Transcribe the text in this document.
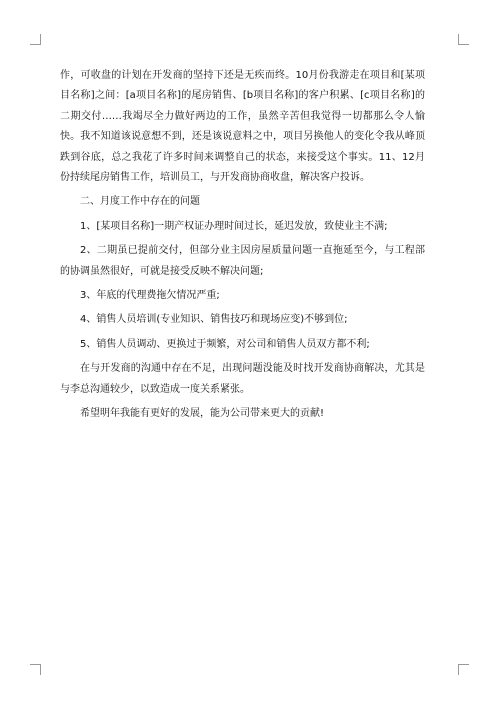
作，可收盘的计划在开发商的坚持下还是无疾而终。10月份我游走在项目和[某项目名称]之间：[a项目名称]的尾房销售、[b项目名称]的客户积累、[c项目名称]的二期交付……我竭尽全力做好两边的工作，虽然辛苦但我觉得一切都那么令人愉快。我不知道该说意想不到，还是该说意料之中，项目另换他人的变化令我从峰顶跌到谷底，总之我花了许多时间来调整自己的状态，来接受这个事实。11、12月份持续尾房销售工作，培训员工，与开发商协商收盘，解决客户投诉。

二、月度工作中存在的问题

1、[某项目名称]一期产权证办理时间过长，延迟发放，致使业主不满;

2、二期虽已提前交付，但部分业主因房屋质量问题一直拖延至今，与工程部的协调虽然很好，可就是接受反映不解决问题;

3、年底的代理费拖欠情况严重;

4、销售人员培训(专业知识、销售技巧和现场应变)不够到位;

5、销售人员调动、更换过于频繁，对公司和销售人员双方都不利;

在与开发商的沟通中存在不足，出现问题没能及时找开发商协商解决，尤其是与李总沟通较少，以致造成一度关系紧张。

希望明年我能有更好的发展，能为公司带来更大的贡献!
